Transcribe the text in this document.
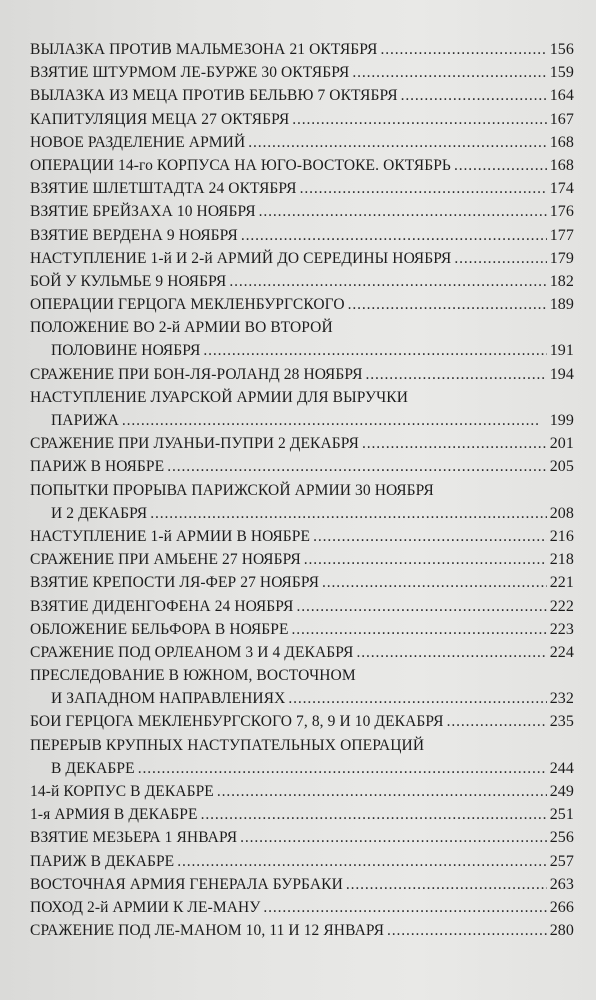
ВЫЛАЗКА ПРОТИВ МАЛЬМЕЗОНА 21 ОКТЯБРЯ . . .	156
ВЗЯТИЕ ШТУРМОМ ЛЕ-БУРЖЕ 30 ОКТЯБРЯ . . .	159
ВЫЛАЗКА ИЗ МЕЦА ПРОТИВ БЕЛЬВЮ 7 ОКТЯБРЯ . . .	164
КАПИТУЛЯЦИЯ МЕЦА 27 ОКТЯБРЯ . . .	167
НОВОЕ РАЗДЕЛЕНИЕ АРМИЙ . . .	168
ОПЕРАЦИИ 14-го КОРПУСА НА ЮГО-ВОСТОКЕ. ОКТЯБРЬ . . .	168
ВЗЯТИЕ ШЛЕТШТАДТА 24 ОКТЯБРЯ . . .	174
ВЗЯТИЕ БРЕЙЗАХА 10 НОЯБРЯ . . .	176
ВЗЯТИЕ ВЕРДЕНА 9 НОЯБРЯ . . .	177
НАСТУПЛЕНИЕ 1-й И 2-й АРМИЙ ДО СЕРЕДИНЫ НОЯБРЯ . . .	179
БОЙ У КУЛЬМЬЕ 9 НОЯБРЯ . . .	182
ОПЕРАЦИИ ГЕРЦОГА МЕКЛЕНБУРГСКОГО . . .	189
ПОЛОЖЕНИЕ ВО 2-й АРМИИ ВО ВТОРОЙ
ПОЛОВИНЕ НОЯБРЯ . . .	191
СРАЖЕНИЕ ПРИ БОН-ЛЯ-РОЛАНД 28 НОЯБРЯ . . .	194
НАСТУПЛЕНИЕ ЛУАРСКОЙ АРМИИ ДЛЯ ВЫРУЧКИ
ПАРИЖА . . .	199
СРАЖЕНИЕ ПРИ ЛУАНЬИ-ПУПРИ 2 ДЕКАБРЯ . . .	201
ПАРИЖ В НОЯБРЕ . . .	205
ПОПЫТКИ ПРОРЫВА ПАРИЖСКОЙ АРМИИ 30 НОЯБРЯ
И 2 ДЕКАБРЯ . . .	208
НАСТУПЛЕНИЕ 1-й АРМИИ В НОЯБРЕ . . .	216
СРАЖЕНИЕ ПРИ АМЬЕНЕ 27 НОЯБРЯ . . .	218
ВЗЯТИЕ КРЕПОСТИ ЛЯ-ФЕР 27 НОЯБРЯ . . .	221
ВЗЯТИЕ ДИДЕНГОФЕНА 24 НОЯБРЯ . . .	222
ОБЛОЖЕНИЕ БЕЛЬФОРА В НОЯБРЕ . . .	223
СРАЖЕНИЕ ПОД ОРЛЕАНОМ 3 И 4 ДЕКАБРЯ . . .	224
ПРЕСЛЕДОВАНИЕ В ЮЖНОМ, ВОСТОЧНОМ
И ЗАПАДНОМ НАПРАВЛЕНИЯХ . . .	232
БОИ ГЕРЦОГА МЕКЛЕНБУРГСКОГО 7, 8, 9 И 10 ДЕКАБРЯ . . .	235
ПЕРЕРЫВ КРУПНЫХ НАСТУПАТЕЛЬНЫХ ОПЕРАЦИЙ
В ДЕКАБРЕ . . .	244
14-й КОРПУС В ДЕКАБРЕ . . .	249
1-я АРМИЯ В ДЕКАБРЕ . . .	251
ВЗЯТИЕ МЕЗЬЕРА 1 ЯНВАРЯ . . .	256
ПАРИЖ В ДЕКАБРЕ . . .	257
ВОСТОЧНАЯ АРМИЯ ГЕНЕРАЛА БУРБАКИ . . .	263
ПОХОД 2-й АРМИИ К ЛЕ-МАНУ . . .	266
СРАЖЕНИЕ ПОД ЛЕ-МАНОМ 10, 11 И 12 ЯНВАРЯ . . .	280
